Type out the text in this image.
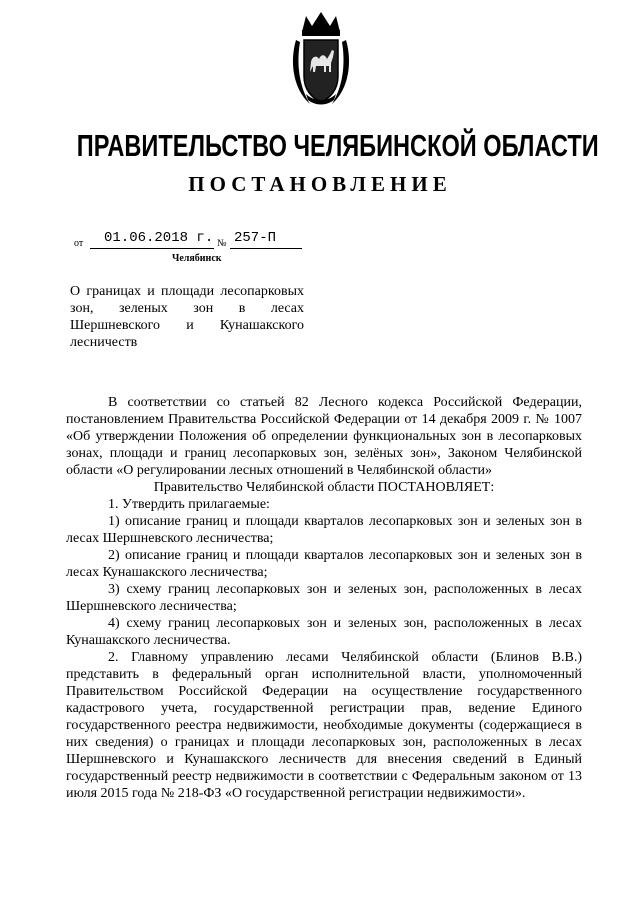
ПРАВИТЕЛЬСТВО ЧЕЛЯБИНСКОЙ ОБЛАСТИ
ПОСТАНОВЛЕНИЕ
от 01.06.2018 г. № 257-П
Челябинск
О границах и площади лесопарковых зон, зеленых зон в лесах Шершневского и Кунашакского лесничеств

В соответствии со статьей 82 Лесного кодекса Российской Федерации, постановлением Правительства Российской Федерации от 14 декабря 2009 г. № 1007 «Об утверждении Положения об определении функциональных зон в лесопарковых зонах, площади и границ лесопарковых зон, зелёных зон», Законом Челябинской области «О регулировании лесных отношений в Челябинской области»

Правительство Челябинской области ПОСТАНОВЛЯЕТ:

1. Утвердить прилагаемые:

1) описание границ и площади кварталов лесопарковых зон и зеленых зон в лесах Шершневского лесничества;

2) описание границ и площади кварталов лесопарковых зон и зеленых зон в лесах Кунашакского лесничества;

3) схему границ лесопарковых зон и зеленых зон, расположенных в лесах Шершневского лесничества;

4) схему границ лесопарковых зон и зеленых зон, расположенных в лесах Кунашакского лесничества.

2. Главному управлению лесами Челябинской области (Блинов В.В.) представить в федеральный орган исполнительной власти, уполномоченный Правительством Российской Федерации на осуществление государственного кадастрового учета, государственной регистрации прав, ведение Единого государственного реестра недвижимости, необходимые документы (содержащиеся в них сведения) о границах и площади лесопарковых зон, расположенных в лесах Шершневского и Кунашакского лесничеств для внесения сведений в Единый государственный реестр недвижимости в соответствии с Федеральным законом от 13 июля 2015 года № 218-ФЗ «О государственной регистрации недвижимости».
